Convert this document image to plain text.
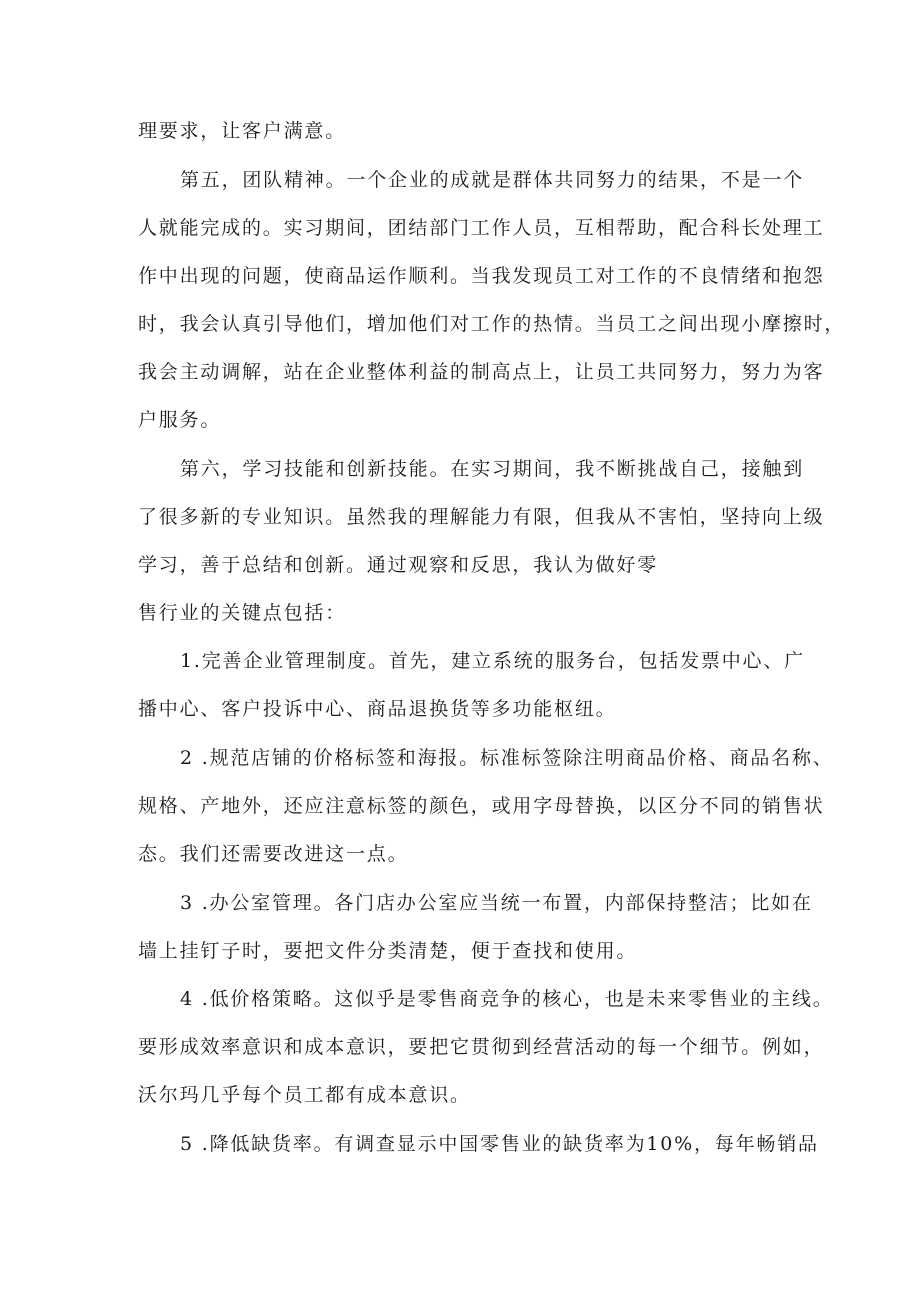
理要求，让客户满意。
第五，团队精神。一个企业的成就是群体共同努力的结果，不是一个
人就能完成的。实习期间，团结部门工作人员，互相帮助，配合科长处理工
作中出现的问题，使商品运作顺利。当我发现员工对工作的不良情绪和抱怨
时，我会认真引导他们，增加他们对工作的热情。当员工之间出现小摩擦时，
我会主动调解，站在企业整体利益的制高点上，让员工共同努力，努力为客
户服务。
第六，学习技能和创新技能。在实习期间，我不断挑战自己，接触到
了很多新的专业知识。虽然我的理解能力有限，但我从不害怕，坚持向上级
学习，善于总结和创新。通过观察和反思，我认为做好零
售行业的关键点包括：
1.完善企业管理制度。首先，建立系统的服务台，包括发票中心、广
播中心、客户投诉中心、商品退换货等多功能枢纽。
2 .规范店铺的价格标签和海报。标准标签除注明商品价格、商品名称、
规格、产地外，还应注意标签的颜色，或用字母替换，以区分不同的销售状
态。我们还需要改进这一点。
3 .办公室管理。各门店办公室应当统一布置，内部保持整洁；比如在
墙上挂钉子时，要把文件分类清楚，便于查找和使用。
4 .低价格策略。这似乎是零售商竞争的核心，也是未来零售业的主线。
要形成效率意识和成本意识，要把它贯彻到经营活动的每一个细节。例如，
沃尔玛几乎每个员工都有成本意识。
5 .降低缺货率。有调查显示中国零售业的缺货率为10%，每年畅销品
